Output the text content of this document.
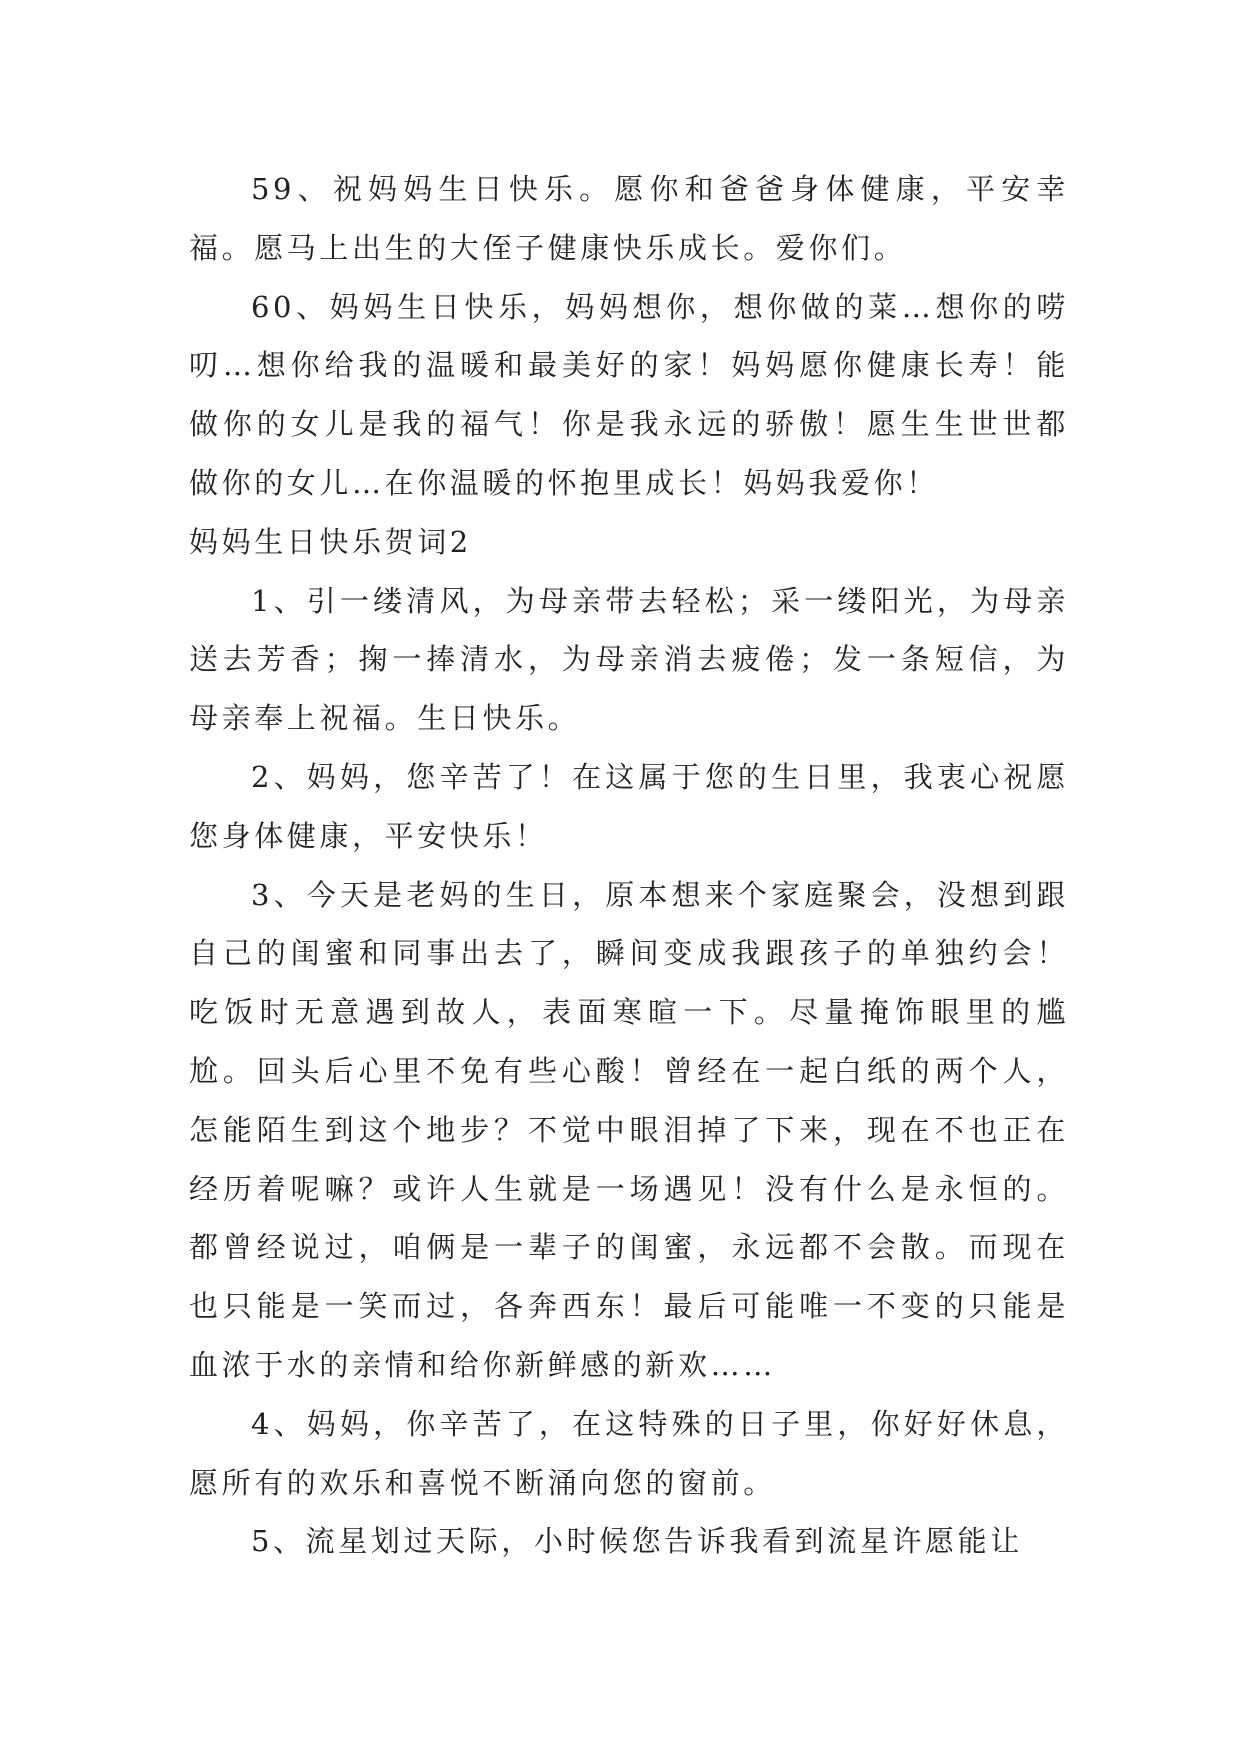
59、祝妈妈生日快乐。愿你和爸爸身体健康，平安幸福。愿马上出生的大侄子健康快乐成长。爱你们。

60、妈妈生日快乐，妈妈想你，想你做的菜…想你的唠叨…想你给我的温暖和最美好的家！妈妈愿你健康长寿！能做你的女儿是我的福气！你是我永远的骄傲！愿生生世世都做你的女儿…在你温暖的怀抱里成长！妈妈我爱你！

妈妈生日快乐贺词2

1、引一缕清风，为母亲带去轻松；采一缕阳光，为母亲送去芳香；掬一捧清水，为母亲消去疲倦；发一条短信，为母亲奉上祝福。生日快乐。

2、妈妈，您辛苦了！在这属于您的生日里，我衷心祝愿您身体健康，平安快乐！

3、今天是老妈的生日，原本想来个家庭聚会，没想到跟自己的闺蜜和同事出去了，瞬间变成我跟孩子的单独约会！吃饭时无意遇到故人，表面寒暄一下。尽量掩饰眼里的尴尬。回头后心里不免有些心酸！曾经在一起白纸的两个人，怎能陌生到这个地步？不觉中眼泪掉了下来，现在不也正在经历着呢嘛？或许人生就是一场遇见！没有什么是永恒的。都曾经说过，咱俩是一辈子的闺蜜，永远都不会散。而现在也只能是一笑而过，各奔西东！最后可能唯一不变的只能是血浓于水的亲情和给你新鲜感的新欢……

4、妈妈，你辛苦了，在这特殊的日子里，你好好休息，愿所有的欢乐和喜悦不断涌向您的窗前。

5、流星划过天际，小时候您告诉我看到流星许愿能让
